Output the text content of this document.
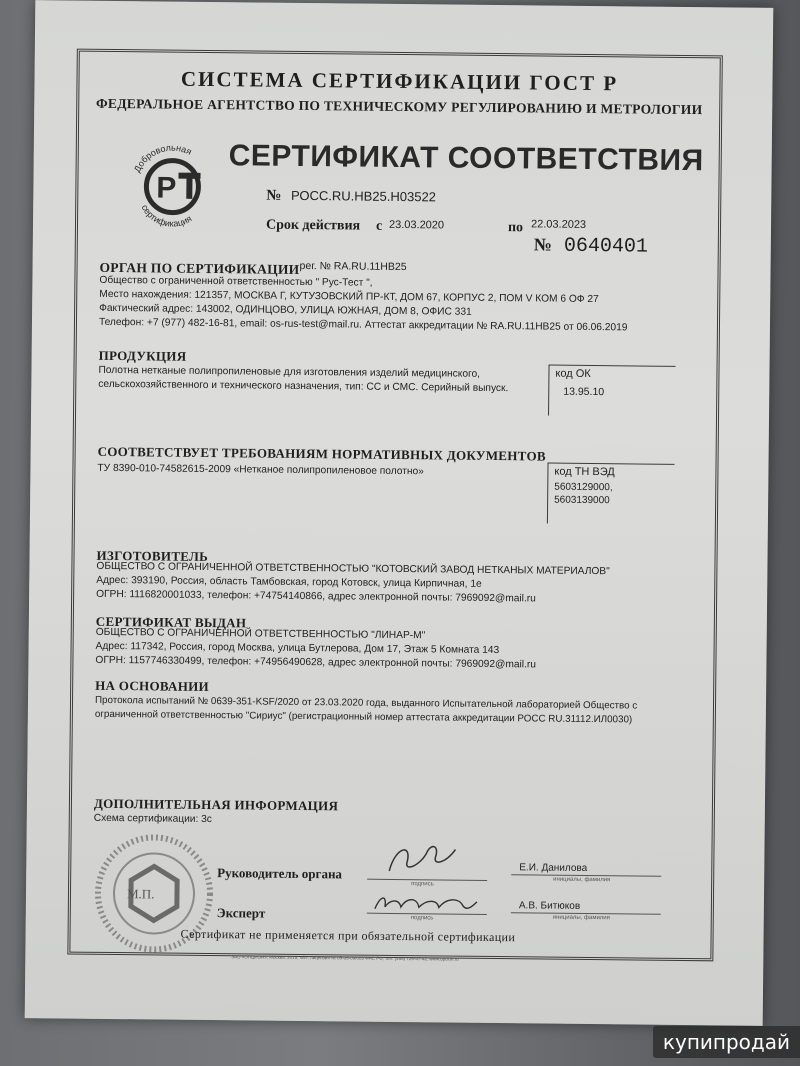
СИСТЕМА СЕРТИФИКАЦИИ ГОСТ Р
ФЕДЕРАЛЬНОЕ АГЕНТСТВО ПО ТЕХНИЧЕСКОМУ РЕГУЛИРОВАНИЮ И МЕТРОЛОГИИ
P
Добровольная
сертификация
СЕРТИФИКАТ СООТВЕТСТВИЯ
№ РОСС.RU.НВ25.Н03522
Срок действия с 23.03.2020	по 22.03.2023
№ 0640401
ОРГАН ПО СЕРТИФИКАЦИИ рег. № RA.RU.11НВ25
Общество с ограниченной ответственностью " Рус-Тест ",
Место нахождения: 121357, МОСКВА Г, КУТУЗОВСКИЙ ПР-КТ, ДОМ 67, КОРПУС 2, ПОМ V КОМ 6 ОФ 27
Фактический адрес: 143002, ОДИНЦОВО, УЛИЦА ЮЖНАЯ, ДОМ 8, ОФИС 331
Телефон: +7 (977) 482-16-81, email: os-rus-test@mail.ru. Аттестат аккредитации № RA.RU.11НВ25 от 06.06.2019
ПРОДУКЦИЯ
Полотна нетканые полипропиленовые для изготовления изделий медицинского,
сельскохозяйственного и технического назначения, тип: СС и СМС. Серийный выпуск.
код ОК
13.95.10
СООТВЕТСТВУЕТ ТРЕБОВАНИЯМ НОРМАТИВНЫХ ДОКУМЕНТОВ
ТУ 8390-010-74582615-2009 «Нетканое полипропиленовое полотно»	код ТН ВЭД
5603129000,
5603139000
ИЗГОТОВИТЕЛЬ
ОБЩЕСТВО С ОГРАНИЧЕННОЙ ОТВЕТСТВЕННОСТЬЮ "КОТОВСКИЙ ЗАВОД НЕТКАНЫХ МАТЕРИАЛОВ"
Адрес: 393190, Россия, область Тамбовская, город Котовск, улица Кирпичная, 1е
ОГРН: 1116820001033, телефон: +74754140866, адрес электронной почты: 7969092@mail.ru
СЕРТИФИКАТ ВЫДАН
ОБЩЕСТВО С ОГРАНИЧЕННОЙ ОТВЕТСТВЕННОСТЬЮ "ЛИНАР-М"
Адрес: 117342, Россия, город Москва, улица Бутлерова, Дом 17, Этаж 5 Комната 143
ОГРН: 1157746330499, телефон: +74956490628, адрес электронной почты: 7969092@mail.ru
НА ОСНОВАНИИ
Протокола испытаний № 0639-351-KSF/2020 от 23.03.2020 года, выданного Испытательной лабораторией Общество с
ограниченной ответственностью "Сириус" (регистрационный номер аттестата аккредитации РОСС RU.31112.ИЛ0030)
ДОПОЛНИТЕЛЬНАЯ ИНФОРМАЦИЯ
Схема сертификации: 3с
М.П.
Руководитель органа
подпись
Е.И. Данилова
инициалы, фамилия
Эксперт	подпись
А.В. Битюков
инициалы, фамилия
Сертификат не применяется при обязательной сертификации
ЗАО «ОПЦИОН», Москва, 2019, «Б», лицензия № 05-05-09/003 ФНС РФ, тел. (495) 726-47-42, www.opcion.ru
купипродай
